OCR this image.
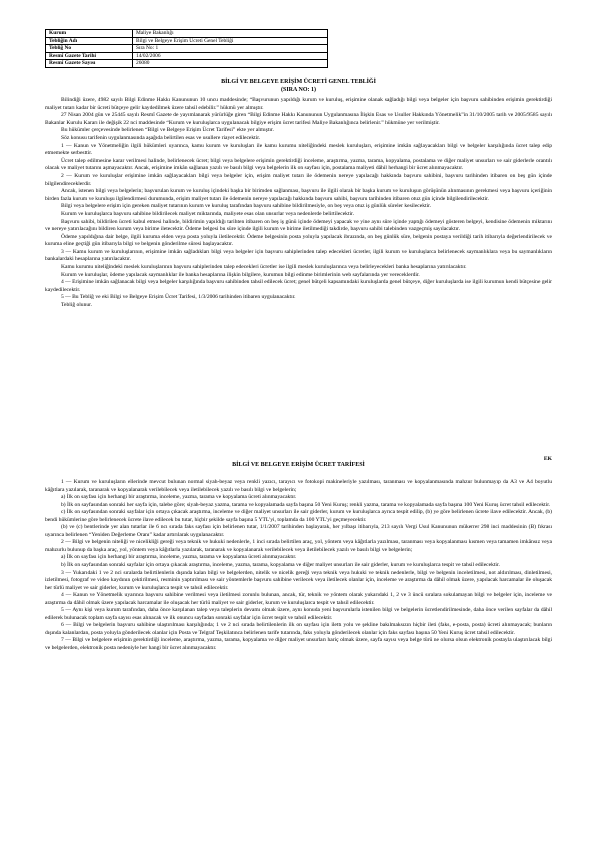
Kurum	Maliye Bakanlığı
Tebliğin Adı	Bilgi ve Belgeye Erişim Ücreti Genel Tebliği
Tebliğ No	Sıra No: 1
Resmî Gazete Tarihi	14/02/2006
Resmî Gazete Sayısı	26080
BİLGİ VE BELGEYE ERİŞİM ÜCRETİ GENEL TEBLİĞİ
(SIRA NO: 1)

Bilindiği üzere, 4982 sayılı Bilgi Edinme Hakkı Kanununun 10 uncu maddesinde; “Başvurunun yapıldığı kurum ve kuruluş, erişimine olanak sağladığı bilgi veya belgeler için başvuru sahibinden erişimin gerektirdiği maliyet tutarı kadar bir ücreti bütçeye gelir kaydedilmek üzere tahsil edebilir.” hükmü yer almıştır.

27 Nisan 2004 gün ve 25445 sayılı Resmî Gazete de yayımlanarak yürürlüğe giren “Bilgi Edinme Hakkı Kanununun Uygulanmasına İlişkin Esas ve Usuller Hakkında Yönetmelik”in 31/10/2005 tarih ve 2005/9585 sayılı Bakanlar Kurulu Kararı ile değişik 22 nci maddesinde “Kurum ve kuruluşlarca uygulanacak bilgiye erişim ücret tarifesi Maliye Bakanlığınca belirlenir.” hükmüne yer verilmiştir.

Bu hükümler çerçevesinde belirlenen “Bilgi ve Belgeye Erişim Ücret Tarifesi” ekte yer almıştır.

Söz konusu tarifenin uygulanmasında aşağıda belirtilen esas ve usullere riayet edilecektir.

1 — Kanun ve Yönetmeliğin ilgili hükümleri uyarınca, kamu kurum ve kuruluşları ile kamu kurumu niteliğindeki meslek kuruluşları, erişimine imkân sağlayacakları bilgi ve belgeler karşılığında ücret talep edip etmemekte serbesttir.

Ücret talep edilmesine karar verilmesi halinde, belirlenecek ücret; bilgi veya belgelere erişimin gerektirdiği inceleme, araştırma, yazma, tarama, kopyalama, postalama ve diğer maliyet unsurları ve sair giderlerle orantılı olacak ve maliyet tutarını aşmayacaktır. Ancak, erişimine imkân sağlanan yazılı ve basılı bilgi veya belgelerin ilk on sayfası için, postalama maliyeti dâhil herhangi bir ücret alınmayacaktır.

2 — Kurum ve kuruluşlar erişimine imkân sağlayacakları bilgi veya belgeler için, erişim maliyet tutarı ile ödemenin nereye yapılacağı hakkında başvuru sahibini, başvuru tarihinden itibaren on beş gün içinde bilgilendireceklerdir.

Ancak, istenen bilgi veya belgelerin; başvurulan kurum ve kuruluş içindeki başka bir birimden sağlanması, başvuru ile ilgili olarak bir başka kurum ve kuruluşun görüşünün alınmasının gerekmesi veya başvuru içeriğinin birden fazla kurum ve kuruluşu ilgilendirmesi durumunda, erişim maliyet tutarı ile ödemenin nereye yapılacağı hakkında başvuru sahibi, başvuru tarihinden itibaren otuz gün içinde bilgilendirilecektir.

Bilgi veya belgelere erişim için gereken maliyet tutarının kurum ve kuruluş tarafından başvuru sahibine bildirilmesiyle, on beş veya otuz iş günlük süreler kesilecektir.

Kurum ve kuruluşlarca başvuru sahibine bildirilecek maliyet miktarında, maliyete esas olan unsurlar veya nedenlerde belirtilecektir.

Başvuru sahibi, bildirilen ücreti kabul etmesi halinde, bildirimin yapıldığı tarihten itibaren on beş iş günü içinde ödemeyi yapacak ve yine aynı süre içinde yaptığı ödemeyi gösteren belgeyi, kendisine ödemenin miktarını ve nereye yatırılacağını bildiren kurum veya birime iletecektir. Ödeme belgesi bu süre içinde ilgili kurum ve birime iletilmediği takdirde, başvuru sahibi talebinden vazgeçmiş sayılacaktır.

Ödeme yapıldığına dair belge, ilgili kuruma elden veya posta yoluyla iletilecektir. Ödeme belgesinin posta yoluyla yapılacak ibrazında, on beş günlük süre, belgenin postaya verildiği tarih itibarıyla değerlendirilecek ve kuruma eline geçtiği gün itibarıyla bilgi ve belgenin gönderilme süresi başlayacaktır.

3 — Kamu kurum ve kuruluşlarının, erişimine imkân sağladıkları bilgi veya belgeler için başvuru sahiplerinden talep edecekleri ücretler, ilgili kurum ve kuruluşlarca belirlenecek saymanlıklara veya bu saymanlıkların bankalardaki hesaplarına yatırılacaktır.

Kamu kurumu niteliğindeki meslek kuruluşlarının başvuru sahiplerinden talep edecekleri ücretler ise ilgili meslek kuruluşlarınca veya belirleyecekleri banka hesaplarına yatırılacaktır.

Kurum ve kuruluşlar, ödeme yapılacak saymanlıklar ile banka hesaplarına ilişkin bilgilere, kurumun bilgi edinme birimlerinin web sayfalarında yer vereceklerdir.

4 — Erişimine imkân sağlanacak bilgi veya belgeler karşılığında başvuru sahibinden tahsil edilecek ücret; genel bütçeli kapsamındaki kuruluşlarda genel bütçeye, diğer kuruluşlarda ise ilgili kurumun kendi bütçesine gelir kaydedilecektir.

5 — Bu Tebliğ ve eki Bilgi ve Belgeye Erişim Ücret Tarifesi, 1/3/2006 tarihinden itibaren uygulanacaktır.

Tebliğ olunur.

EK
BİLGİ VE BELGEYE ERİŞİM ÜCRET TARİFESİ

1 — Kurum ve kuruluşların ellerinde mevcut bulunan normal siyah-beyaz veya renkli yazıcı, tarayıcı ve fotokopi makineleriyle yazılması, taranması ve kopyalanmasında mahzur bulunmayıp da A3 ve A4 boyutlu kâğıtlara yazılarak, taranarak ve kopyalanarak verilebilecek veya iletilebilecek yazılı ve basılı bilgi ve belgelerin;

a) İlk on sayfası için herhangi bir araştırma, inceleme, yazma, tarama ve kopyalama ücreti alınmayacaktır.

b) İlk on sayfasından sonraki her sayfa için, talebe göre; siyah-beyaz yazma, tarama ve kopyalamada sayfa başına 50 Yeni Kuruş; renkli yazma, tarama ve kopyalamada sayfa başına 100 Yeni Kuruş ücret tahsil edilecektir.

c) İlk on sayfasından sonraki sayfalar için ortaya çıkacak araştırma, inceleme ve diğer maliyet unsurları ile sair giderler, kurum ve kuruluşlarca ayrıca tespit edilip, (b) ye göre belirlenen ücrete ilave edilecektir. Ancak, (b) bendi hükümlerine göre belirlenecek ücrete ilave edilecek bu tutar, hiçbir şekilde sayfa başına 5 YTL'yi, toplamda da 100 YTL'yi geçmeyecektir.

(b) ve (c) bentlerinde yer alan tutarlar ile 6 ncı sırada faks sayfası için belirlenen tutar, 1/1/2007 tarihinden başlayarak, her yılbaşı itibarıyla, 213 sayılı Vergi Usul Kanununun mükerrer 298 inci maddesinin (B) fıkrası uyarınca belirlenen “Yeniden Değerleme Oranı” kadar artırılarak uygulanacaktır.

2 — Bilgi ve belgenin niteliği ve nicelikliği gereği veya teknik ve hukuki nedenlerle, 1 inci sırada belirtilen araç, yol, yöntem veya kâğıtlarla yazılması, taranması veya kopyalanması kısmen veya tamamen imkânsız veya mahzurlu bulunup da başka araç, yol, yöntem veya kâğıtlarla yazılarak, taranarak ve kopyalanarak verilebilecek veya iletilebilecek yazılı ve basılı bilgi ve belgelerin;

a) İlk on sayfası için herhangi bir araştırma, inceleme, yazma, tarama ve kopyalama ücreti alınmayacaktır.

b) İlk on sayfasından sonraki sayfalar için ortaya çıkacak araştırma, inceleme, yazma, tarama, kopyalama ve diğer maliyet unsurları ile sair giderler, kurum ve kuruluşlarca tespit ve tahsil edilecektir.

3 — Yukarıdaki 1 ve 2 nci sıralarda belirtilenlerin dışında kalan bilgi ve belgelerden, nitelik ve nicelik gereği veya teknik veya hukuki ve teknik nedenlerle, bilgi ve belgenin inceletilmesi, not aldırılması, dinletilmesi, izletilmesi, fotograf ve video kaydının çektirilmesi, resminin yaptırılması ve sair yöntemlerle başvuru sahibine verilecek veya iletilecek olanlar için, inceleme ve araştırma da dâhil olmak üzere, yapılacak harcamalar ile oluşacak her türlü maliyet ve sair giderler, kurum ve kuruluşlarca tespit ve tahsil edilecektir.

4 — Kanun ve Yönetmelik uyarınca başvuru sahibine verilmesi veya iletilmesi zorunlu bulunan, ancak, tür, teknik ve yöntem olarak yukarıdaki 1, 2 ve 3 üncü sıralara sokulamayan bilgi ve belgeler için, inceleme ve araştırma da dâhil olmak üzere yapılacak harcamalar ile oluşacak her türlü maliyet ve sair giderler, kurum ve kuruluşlarca tespit ve tahsil edilecektir.

5 — Aynı kişi veya kurum tarafından, daha önce karşılanan talep veya taleplerin devamı olmak üzere, aynı konuda yeni başvurularla istenilen bilgi ve belgelerin ücretlendirilmesinde, daha önce verilen sayfalar da dâhil edilerek bulunacak toplam sayfa sayısı esas alınacak ve ilk onuncu sayfadan sonraki sayfalar için ücret tespit ve tahsil edilecektir.

6 — Bilgi ve belgelerin başvuru sahibine ulaştırılması karşılığında; 1 ve 2 nci sırada belirtilenlerin ilk on sayfası için ilettı yolu ve şekline bakılmaksızın hiçbir ileti (faks, e-posta, posta) ücreti alınmayacak; bunların dışında kalanlardan, posta yoluyla gönderilecek olanlar için Posta ve Telgraf Teşkilatınca belirlenen tarife tutarında, faks yoluyla gönderilecek olanlar için faks sayfası başına 50 Yeni Kuruş ücret tahsil edilecektir.

7 — Bilgi ve belgelere erişimin gerektirdiği inceleme, araştırma, yazma, tarama, kopyalama ve diğer maliyet unsurları hariç olmak üzere, sayfa sayısı veya belge türü ne olursa olsun elektronik postayla ulaştırılacak bilgi ve belgelerden, elektronik posta nedeniyle her hangi bir ücret alınmayacaktır.
